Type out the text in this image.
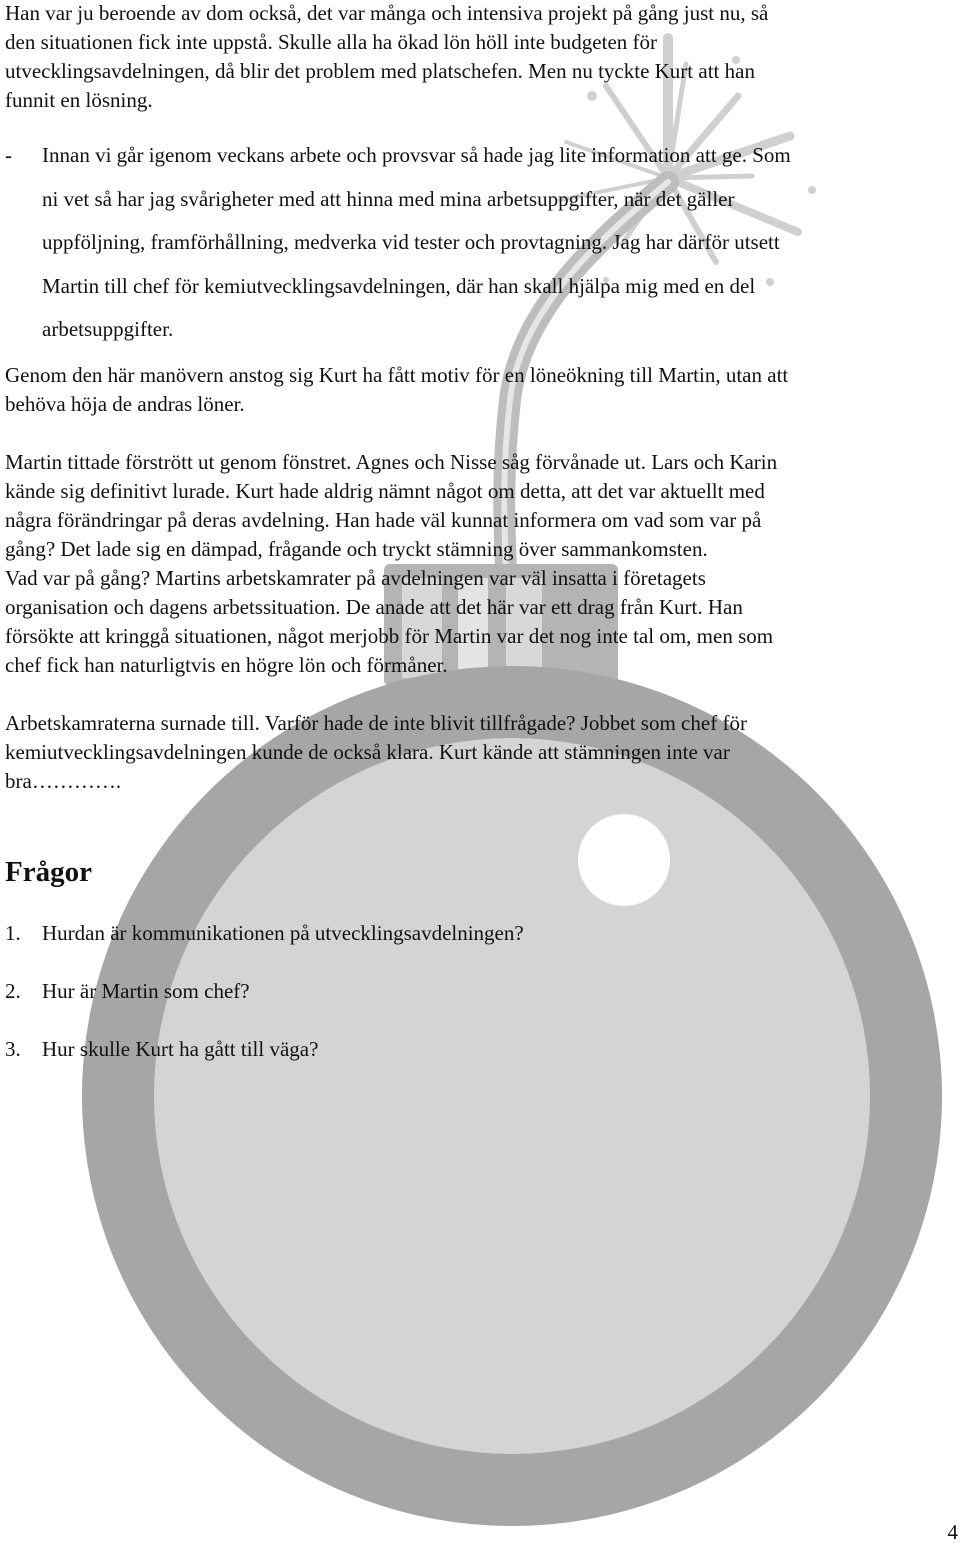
Han var ju beroende av dom också, det var många och intensiva projekt på gång just nu, så
den situationen fick inte uppstå. Skulle alla ha ökad lön höll inte budgeten för
utvecklingsavdelningen, då blir det problem med platschefen. Men nu tyckte Kurt att han
funnit en lösning.
-	Innan vi går igenom veckans arbete och provsvar så hade jag lite information att ge. Som
ni vet så har jag svårigheter med att hinna med mina arbetsuppgifter, när det gäller
uppföljning, framförhållning, medverka vid tester och provtagning. Jag har därför utsett
Martin till chef för kemiutvecklingsavdelningen, där han skall hjälpa mig med en del
arbetsuppgifter.
Genom den här manövern anstog sig Kurt ha fått motiv för en löneökning till Martin, utan att
behöva höja de andras löner.
Martin tittade förstrött ut genom fönstret. Agnes och Nisse såg förvånade ut. Lars och Karin
kände sig definitivt lurade. Kurt hade aldrig nämnt något om detta, att det var aktuellt med
några förändringar på deras avdelning. Han hade väl kunnat informera om vad som var på
gång? Det lade sig en dämpad, frågande och tryckt stämning över sammankomsten.
Vad var på gång? Martins arbetskamrater på avdelningen var väl insatta i företagets
organisation och dagens arbetssituation. De anade att det här var ett drag från Kurt. Han
försökte att kringgå situationen, något merjobb för Martin var det nog inte tal om, men som
chef fick han naturligtvis en högre lön och förmåner.
Arbetskamraterna surnade till. Varför hade de inte blivit tillfrågade? Jobbet som chef för
kemiutvecklingsavdelningen kunde de också klara. Kurt kände att stämningen inte var
bra………….
Frågor
1. Hurdan är kommunikationen på utvecklingsavdelningen?
2. Hur är Martin som chef?
3. Hur skulle Kurt ha gått till väga?
4
